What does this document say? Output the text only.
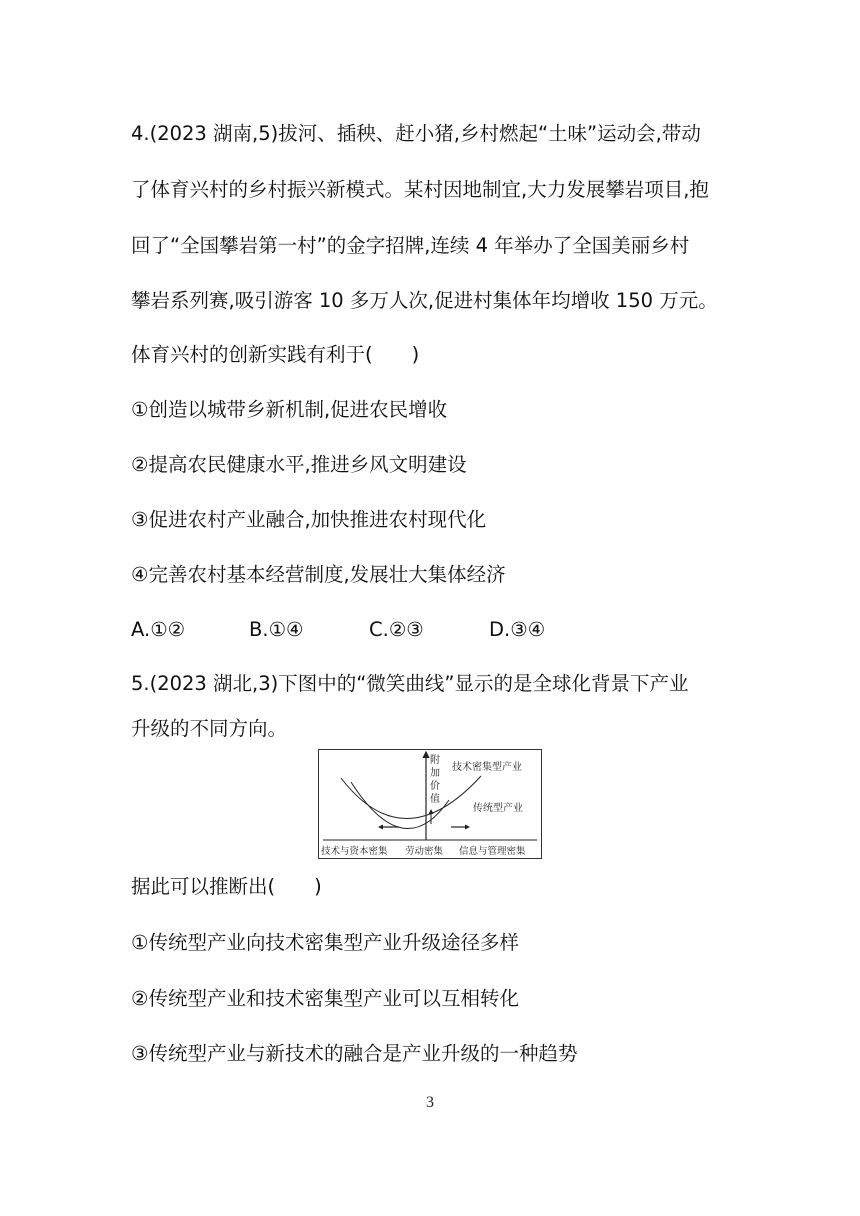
4.(2023 湖南,5)拔河、插秧、赶小猪,乡村燃起“土味”运动会,带动
了体育兴村的乡村振兴新模式。某村因地制宜,大力发展攀岩项目,抱
回了“全国攀岩第一村”的金字招牌,连续 4 年举办了全国美丽乡村
攀岩系列赛,吸引游客 10 多万人次,促进村集体年均增收 150 万元。
体育兴村的创新实践有利于(　　)
①创造以城带乡新机制,促进农民增收
②提高农民健康水平,推进乡风文明建设
③促进农村产业融合,加快推进农村现代化
④完善农村基本经营制度,发展壮大集体经济
A.①②	B.①④	C.②③	D.③④
5.(2023 湖北,3)下图中的“微笑曲线”显示的是全球化背景下产业
升级的不同方向。
附
加
价
值
技术密集型产业
传统型产业
技术与资本密集 劳动密集 信息与管理密集
据此可以推断出(　　)
①传统型产业向技术密集型产业升级途径多样
②传统型产业和技术密集型产业可以互相转化
③传统型产业与新技术的融合是产业升级的一种趋势
3
